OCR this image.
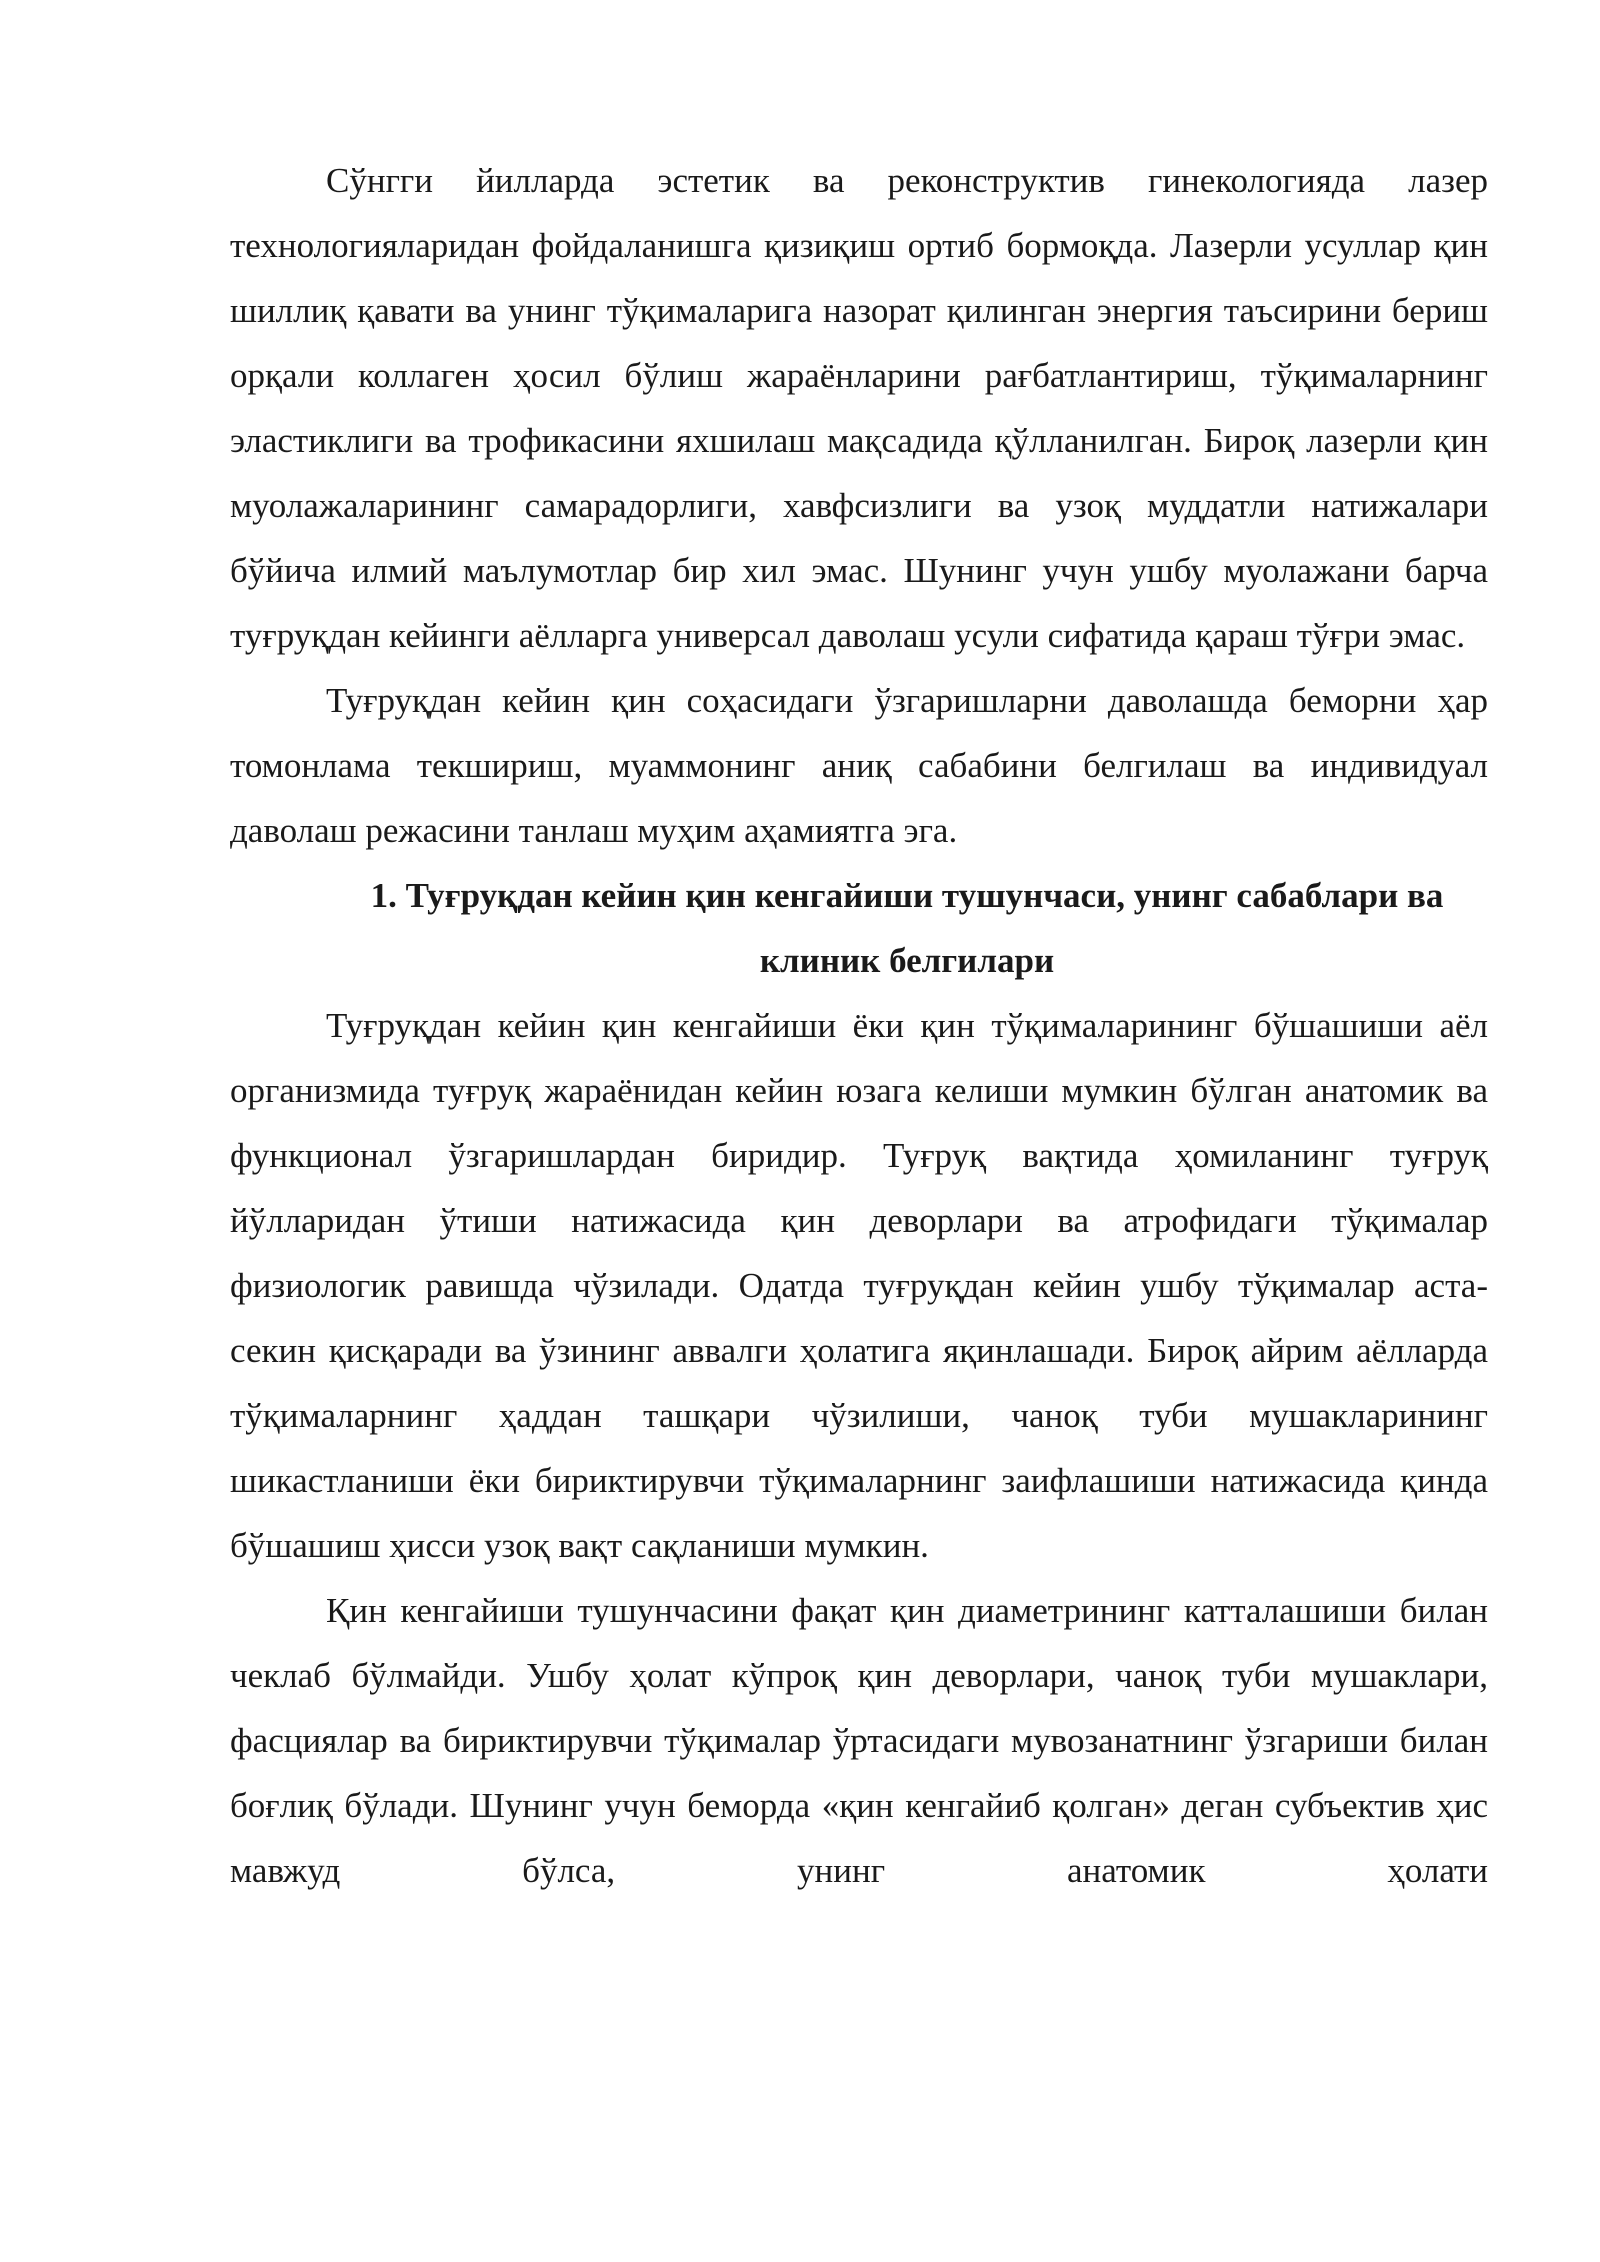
Сўнгги йилларда эстетик ва реконструктив гинекологияда лазер технологияларидан фойдаланишга қизиқиш ортиб бормоқда. Лазерли усуллар қин шиллиқ қавати ва унинг тўқималарига назорат қилинган энергия таъсирини бериш орқали коллаген ҳосил бўлиш жараёнларини рағбатлантириш, тўқималарнинг эластиклиги ва трофикасини яхшилаш мақсадида қўлланилган. Бироқ лазерли қин муолажаларининг самарадорлиги, хавфсизлиги ва узоқ муддатли натижалари бўйича илмий маълумотлар бир хил эмас. Шунинг учун ушбу муолажани барча туғруқдан кейинги аёлларга универсал даволаш усули сифатида қараш тўғри эмас.

Туғруқдан кейин қин соҳасидаги ўзгаришларни даволашда беморни ҳар томонлама текшириш, муаммонинг аниқ сабабини белгилаш ва индивидуал даволаш режасини танлаш муҳим аҳамиятга эга.

1. Туғруқдан кейин қин кенгайиши тушунчаси, унинг сабаблари ва клиник белгилари

Туғруқдан кейин қин кенгайиши ёки қин тўқималарининг бўшашиши аёл организмида туғруқ жараёнидан кейин юзага келиши мумкин бўлган анатомик ва функционал ўзгаришлардан биридир. Туғруқ вақтида ҳомиланинг туғруқ йўлларидан ўтиши натижасида қин деворлари ва атрофидаги тўқималар физиологик равишда чўзилади. Одатда туғруқдан кейин ушбу тўқималар аста-секин қисқаради ва ўзининг аввалги ҳолатига яқинлашади. Бироқ айрим аёлларда тўқималарнинг ҳаддан ташқари чўзилиши, чаноқ туби мушакларининг шикастланиши ёки бириктирувчи тўқималарнинг заифлашиши натижасида қинда бўшашиш ҳисси узоқ вақт сақланиши мумкин.

Қин кенгайиши тушунчасини фақат қин диаметрининг катталашиши билан чеклаб бўлмайди. Ушбу ҳолат кўпроқ қин деворлари, чаноқ туби мушаклари, фасциялар ва бириктирувчи тўқималар ўртасидаги мувозанатнинг ўзгариши билан боғлиқ бўлади. Шунинг учун беморда «қин кенгайиб қолган» деган субъектив ҳис мавжуд бўлса, унинг анатомик ҳолати
